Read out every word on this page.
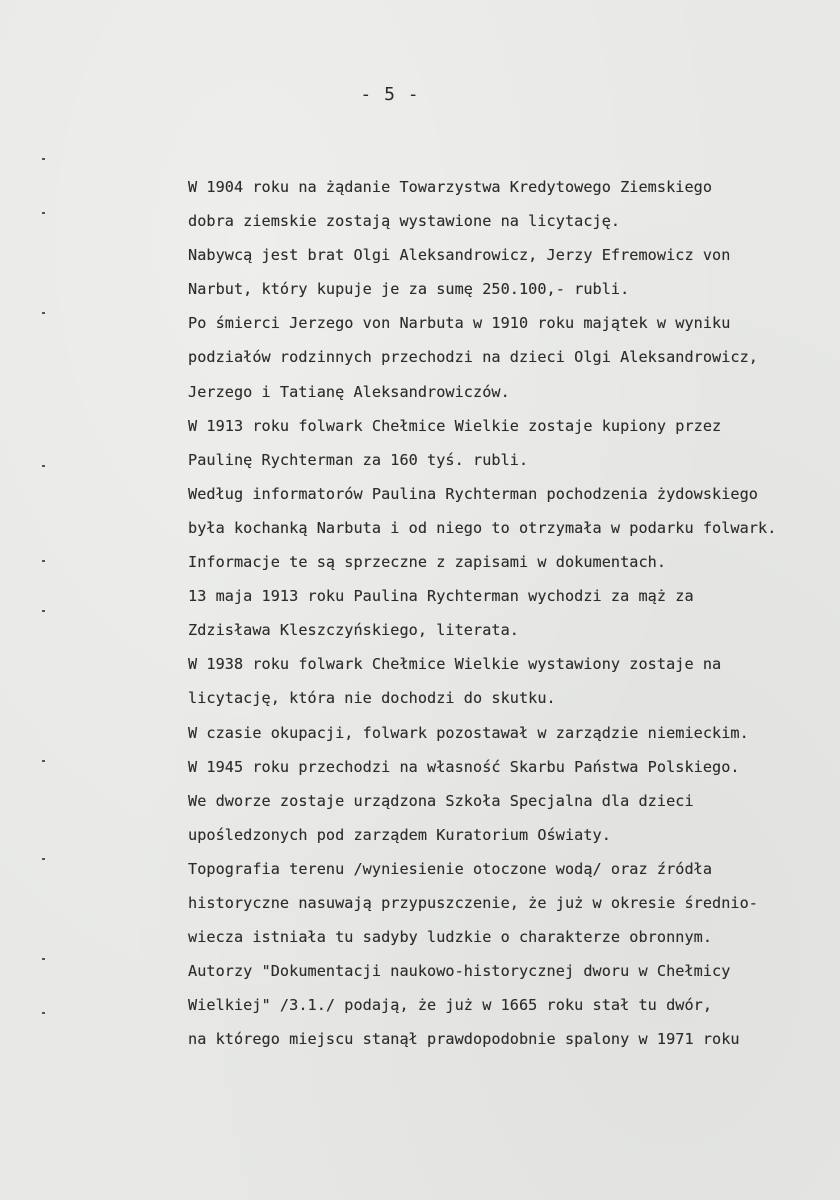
- 5 -
W 1904 roku na żądanie Towarzystwa Kredytowego Ziemskiego
dobra ziemskie zostają wystawione na licytację.
Nabywcą jest brat Olgi Aleksandrowicz, Jerzy Efremowicz von
Narbut, który kupuje je za sumę 250.100,- rubli.
Po śmierci Jerzego von Narbuta w 1910 roku majątek w wyniku
podziałów rodzinnych przechodzi na dzieci Olgi Aleksandrowicz,
Jerzego i Tatianę Aleksandrowiczów.
W 1913 roku folwark Chełmice Wielkie zostaje kupiony przez
Paulinę Rychterman za 160 tyś. rubli.
Według informatorów Paulina Rychterman pochodzenia żydowskiego
była kochanką Narbuta i od niego to otrzymała w podarku folwark.
Informacje te są sprzeczne z zapisami w dokumentach.
13 maja 1913 roku Paulina Rychterman wychodzi za mąż za
Zdzisława Kleszczyńskiego, literata.
W 1938 roku folwark Chełmice Wielkie wystawiony zostaje na
licytację, która nie dochodzi do skutku.
W czasie okupacji, folwark pozostawał w zarządzie niemieckim.
W 1945 roku przechodzi na własność Skarbu Państwa Polskiego.
We dworze zostaje urządzona Szkoła Specjalna dla dzieci
upośledzonych pod zarządem Kuratorium Oświaty.
Topografia terenu /wyniesienie otoczone wodą/ oraz źródła
historyczne nasuwają przypuszczenie, że już w okresie średnio-
wiecza istniała tu sadyby ludzkie o charakterze obronnym.
Autorzy "Dokumentacji naukowo-historycznej dworu w Chełmicy
Wielkiej" /3.1./ podają, że już w 1665 roku stał tu dwór,
na którego miejscu stanął prawdopodobnie spalony w 1971 roku
